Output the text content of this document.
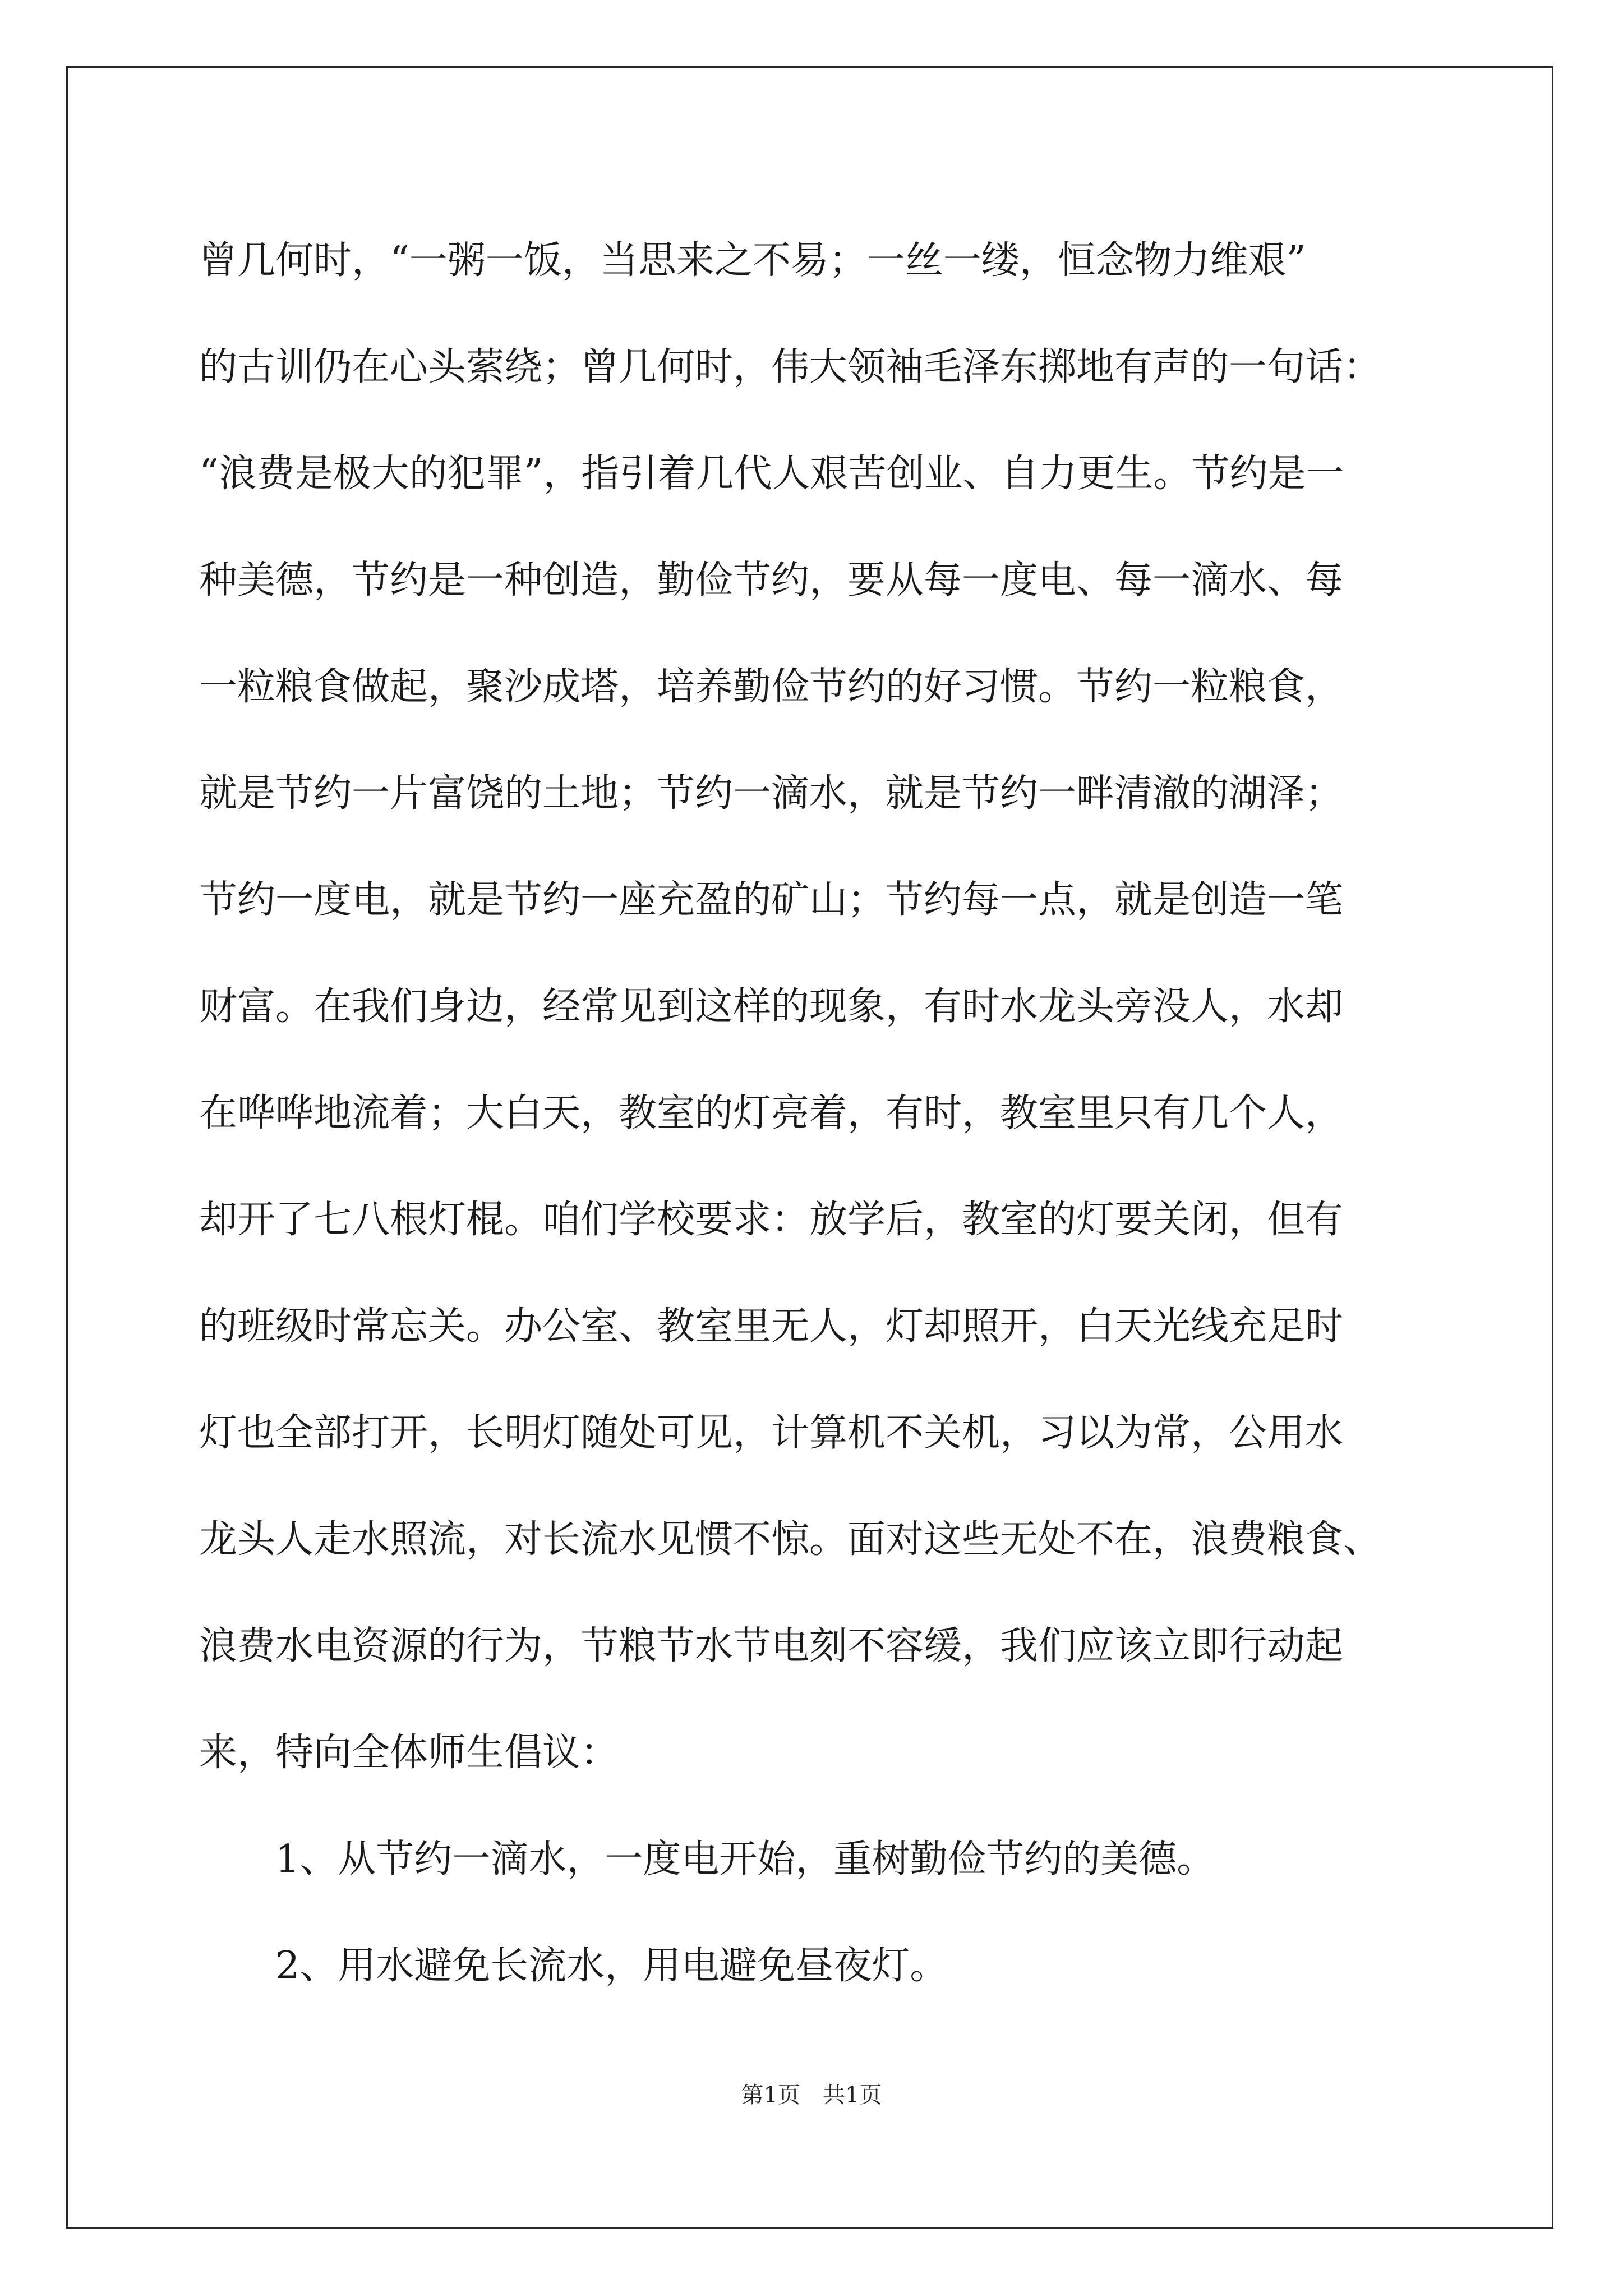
曾几何时，“一粥一饭，当思来之不易；一丝一缕，恒念物力维艰”
的古训仍在心头萦绕；曾几何时，伟大领袖毛泽东掷地有声的一句话：
“浪费是极大的犯罪”，指引着几代人艰苦创业、自力更生。节约是一
种美德，节约是一种创造，勤俭节约，要从每一度电、每一滴水、每
一粒粮食做起，聚沙成塔，培养勤俭节约的好习惯。节约一粒粮食，
就是节约一片富饶的土地；节约一滴水，就是节约一畔清澈的湖泽；
节约一度电，就是节约一座充盈的矿山；节约每一点，就是创造一笔
财富。在我们身边，经常见到这样的现象，有时水龙头旁没人，水却
在哗哗地流着；大白天，教室的灯亮着，有时，教室里只有几个人，
却开了七八根灯棍。咱们学校要求：放学后，教室的灯要关闭，但有
的班级时常忘关。办公室、教室里无人，灯却照开，白天光线充足时
灯也全部打开，长明灯随处可见，计算机不关机，习以为常，公用水
龙头人走水照流，对长流水见惯不惊。面对这些无处不在，浪费粮食、
浪费水电资源的行为，节粮节水节电刻不容缓，我们应该立即行动起
来，特向全体师生倡议：
1、从节约一滴水，一度电开始，重树勤俭节约的美德。
2、用水避免长流水，用电避免昼夜灯。
第1页　共1页
